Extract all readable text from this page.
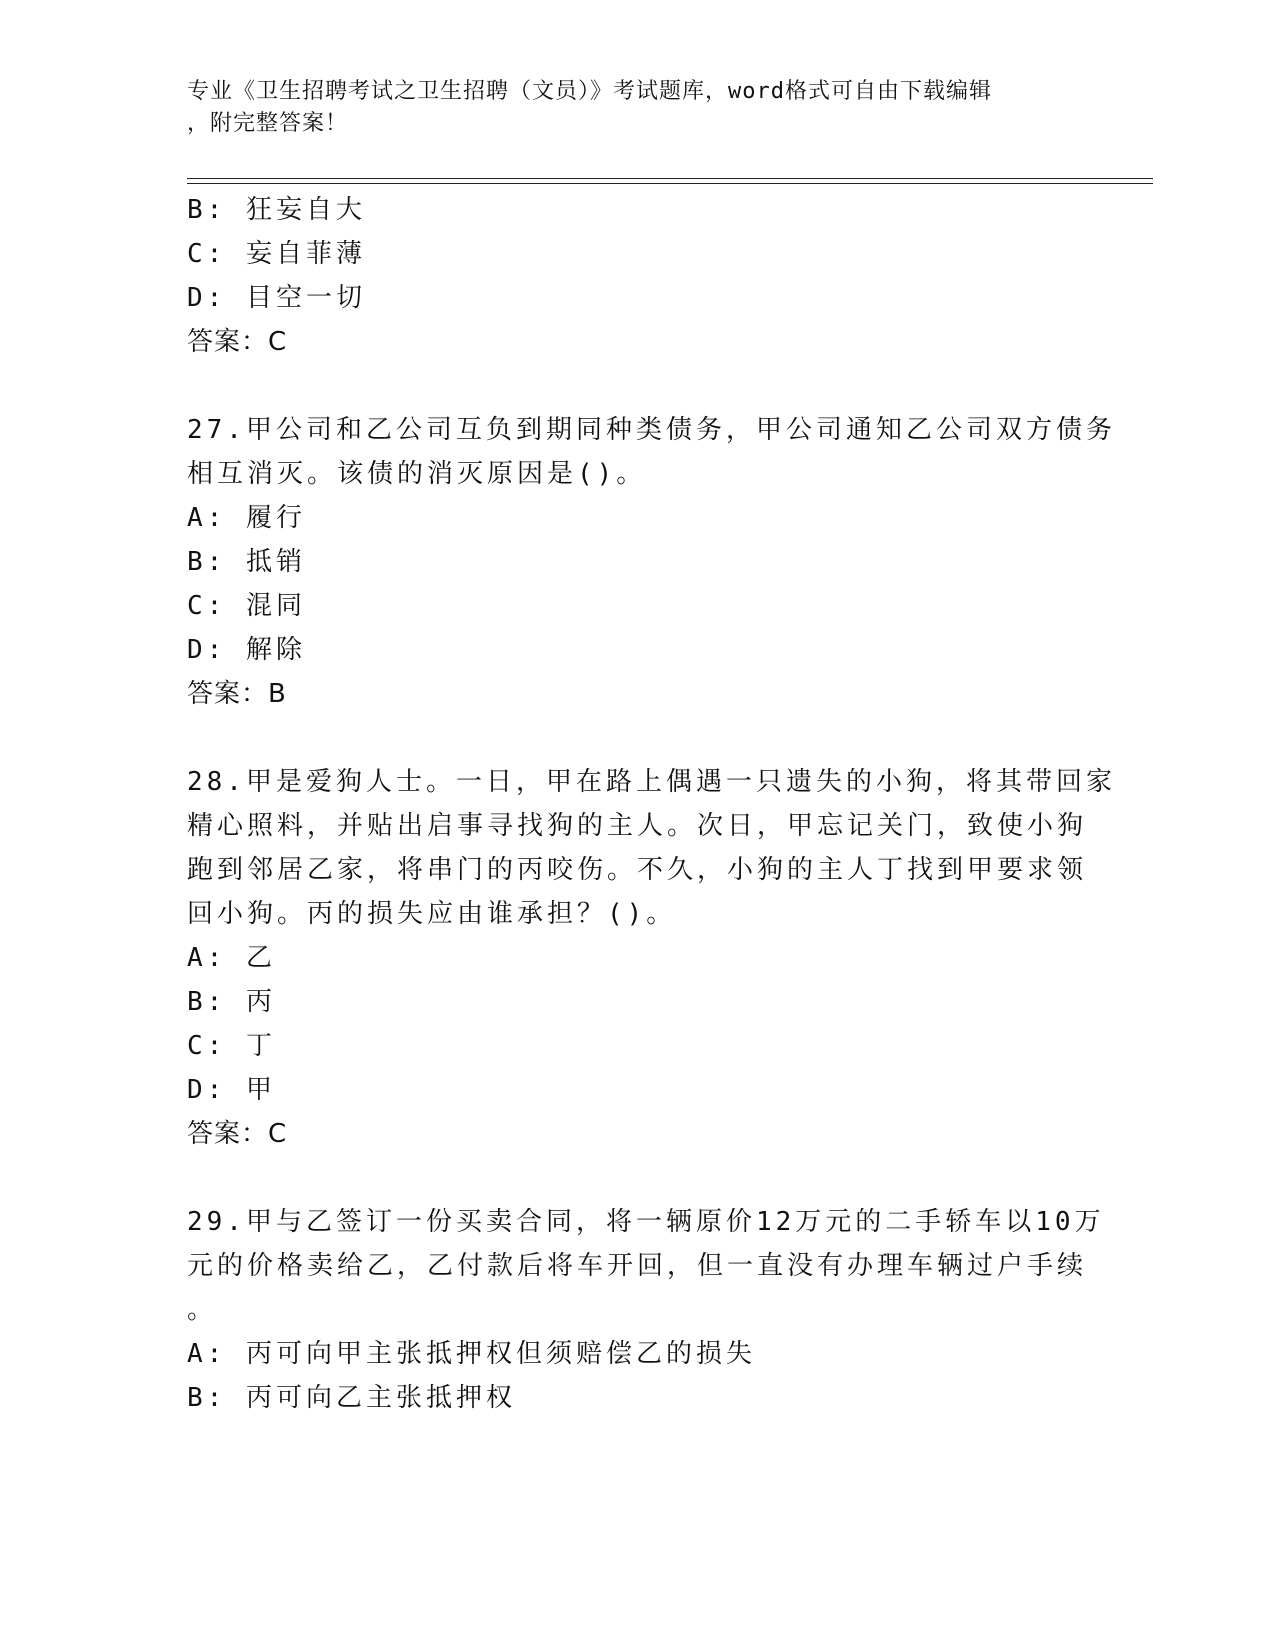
专业《卫生招聘考试之卫生招聘（文员）》考试题库，word格式可自由下载编辑
，附完整答案！
B: 狂妄自大
C: 妄自菲薄
D: 目空一切
答案：C
27.甲公司和乙公司互负到期同种类债务，甲公司通知乙公司双方债务
相互消灭。该债的消灭原因是()。
A: 履行
B: 抵销
C: 混同
D: 解除
答案：B
28.甲是爱狗人士。一日，甲在路上偶遇一只遗失的小狗，将其带回家
精心照料，并贴出启事寻找狗的主人。次日，甲忘记关门，致使小狗
跑到邻居乙家，将串门的丙咬伤。不久，小狗的主人丁找到甲要求领
回小狗。丙的损失应由谁承担？()。
A: 乙
B: 丙
C: 丁
D: 甲
答案：C
29.甲与乙签订一份买卖合同，将一辆原价12万元的二手轿车以10万
元的价格卖给乙，乙付款后将车开回，但一直没有办理车辆过户手续
。
A: 丙可向甲主张抵押权但须赔偿乙的损失
B: 丙可向乙主张抵押权
